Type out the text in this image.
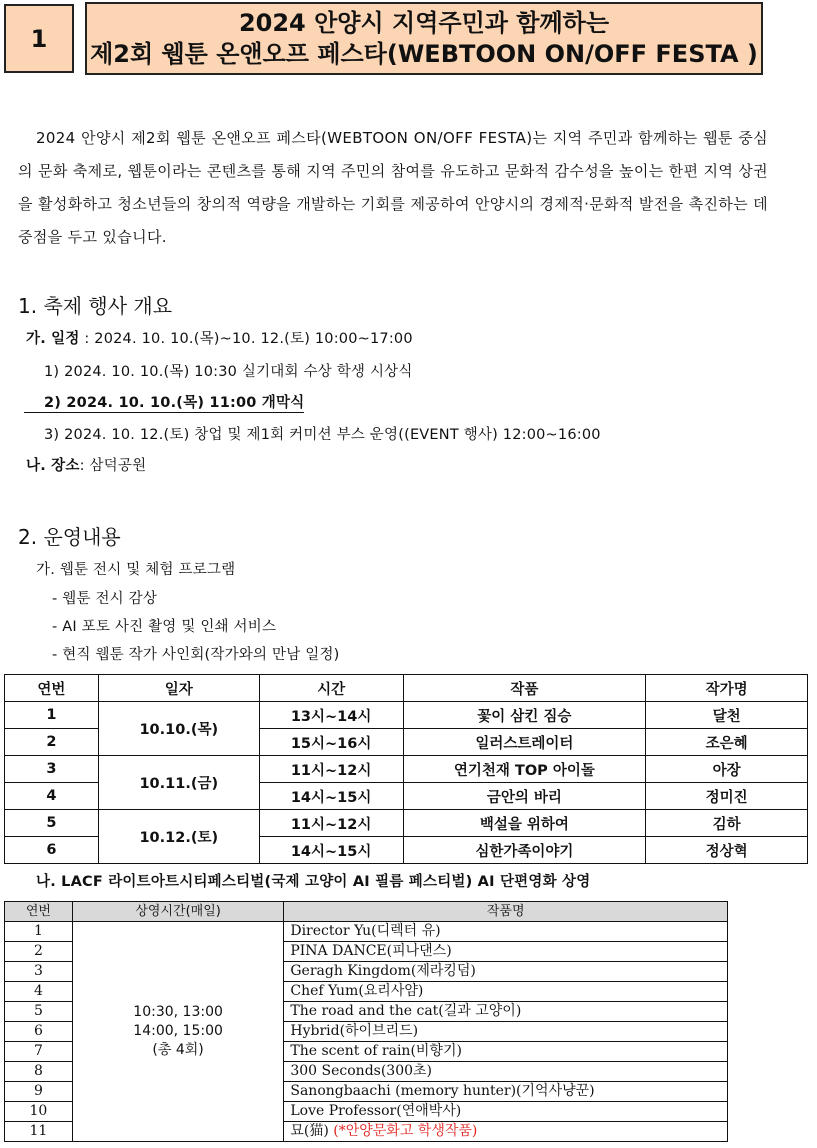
1
2024 안양시 지역주민과 함께하는
제2회 웹툰 온앤오프 페스타(WEBTOON ON/OFF FESTA )

2024 안양시 제2회 웹툰 온앤오프 페스타(WEBTOON ON/OFF FESTA)는 지역 주민과 함께하는 웹툰 중심의 문화 축제로, 웹툰이라는 콘텐츠를 통해 지역 주민의 참여를 유도하고 문화적 감수성을 높이는 한편 지역 상권을 활성화하고 청소년들의 창의적 역량을 개발하는 기회를 제공하여 안양시의 경제적·문화적 발전을 촉진하는 데 중점을 두고 있습니다.

1. 축제 행사 개요
가. 일정 : 2024. 10. 10.(목)~10. 12.(토) 10:00~17:00
1) 2024. 10. 10.(목) 10:30 실기대회 수상 학생 시상식
2) 2024. 10. 10.(목) 11:00 개막식
3) 2024. 10. 12.(토) 창업 및 제1회 커미션 부스 운영((EVENT 행사) 12:00~16:00
나. 장소: 삼덕공원
2. 운영내용
가. 웹툰 전시 및 체험 프로그램
- 웹툰 전시 감상
- AI 포토 사진 촬영 및 인쇄 서비스
- 현직 웹툰 작가 사인회(작가와의 만남 일정)
연번	일자	시간	작품	작가명
1	10.10.(목)	13시~14시	꽃이 삼킨 짐승	달천
2		15시~16시	일러스트레이터	조은혜
3	10.11.(금)	11시~12시	연기천재 TOP 아이돌	아장
4		14시~15시	금안의 바리	정미진
5	10.12.(토)	11시~12시	백설을 위하여	김하
6		14시~15시	심한가족이야기	정상혁
나. LACF 라이트아트시티페스티벌(국제 고양이 AI 필름 페스티벌) AI 단편영화 상영
연번	상영시간(매일)	작품명
1	10:30, 13:00
14:00, 15:00
(총 4회)	Director Yu(디렉터 유)
2		PINA DANCE(피나댄스)
3		Geragh Kingdom(제라킹덤)
4		Chef Yum(요리사얌)
5		The road and the cat(길과 고양이)
6		Hybrid(하이브리드)
7		The scent of rain(비향기)
8		300 Seconds(300초)
9		Sanongbaachi (memory hunter)(기억사냥꾼)
10		Love Professor(연애박사)
11		묘(猫) (*안양문화고 학생작품)
